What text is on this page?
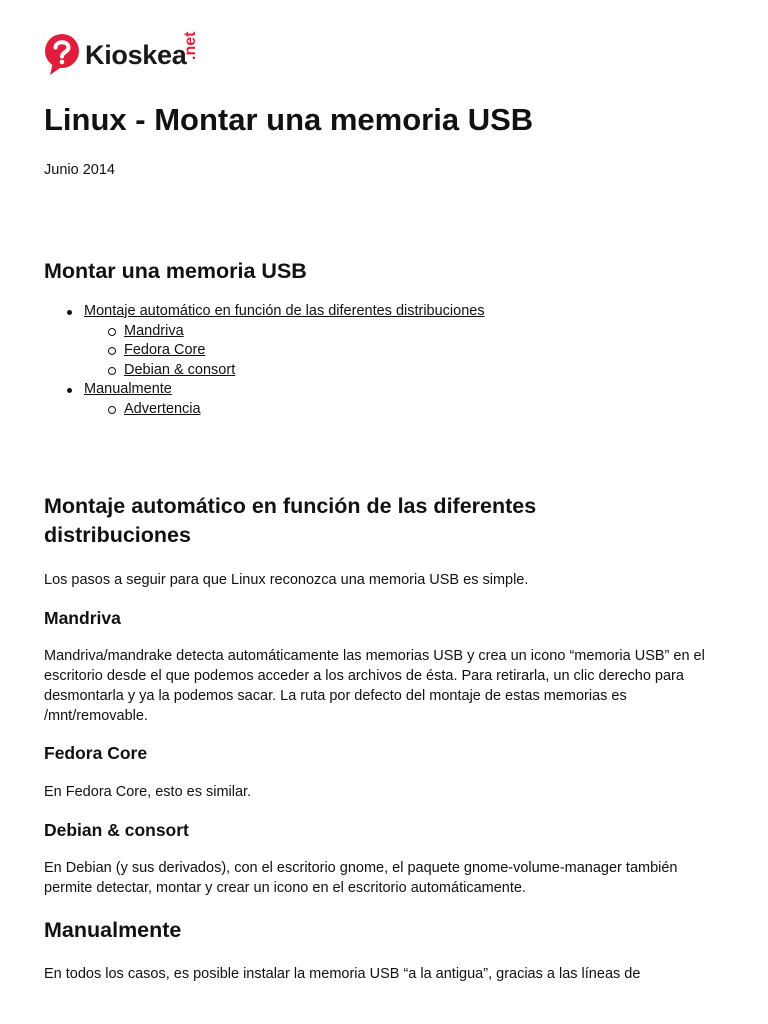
Kioskea
.net
Linux - Montar una memoria USB
Junio 2014
Montar una memoria USB
Montaje automático en función de las diferentes distribuciones
Mandriva
Fedora Core
Debian & consort
Manualmente
Advertencia
Montaje automático en función de las diferentes distribuciones

Los pasos a seguir para que Linux reconozca una memoria USB es simple.

Mandriva

Mandriva/mandrake detecta automáticamente las memorias USB y crea un icono “memoria USB” en el escritorio desde el que podemos acceder a los archivos de ésta. Para retirarla, un clic derecho para desmontarla y ya la podemos sacar. La ruta por defecto del montaje de estas memorias es /mnt/removable.

Fedora Core

En Fedora Core, esto es similar.

Debian & consort

En Debian (y sus derivados), con el escritorio gnome, el paquete gnome-volume-manager también permite detectar, montar y crear un icono en el escritorio automáticamente.

Manualmente

En todos los casos, es posible instalar la memoria USB “a la antigua”, gracias a las líneas de
